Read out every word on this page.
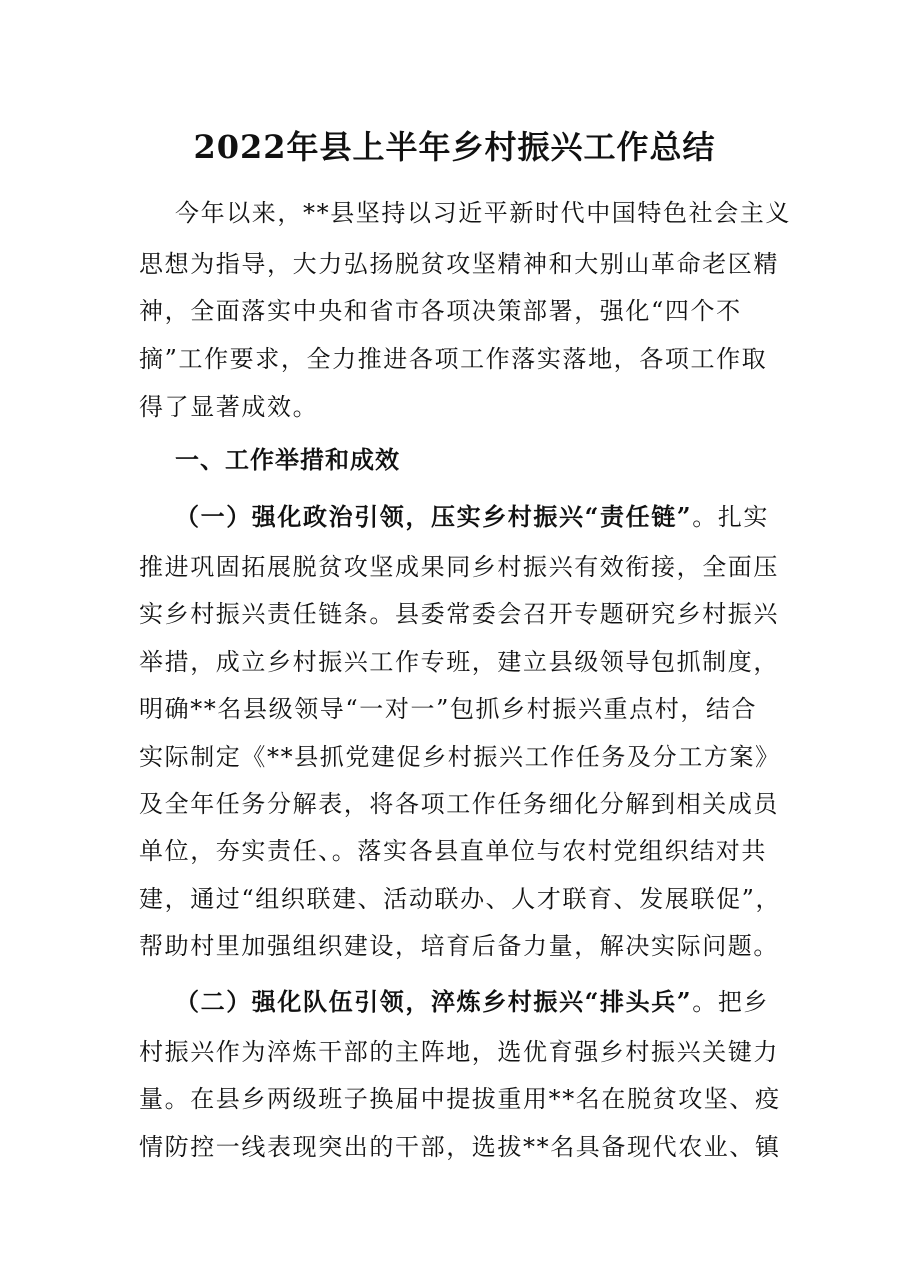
2022年县上半年乡村振兴工作总结
今年以来，**县坚持以习近平新时代中国特色社会主义
思想为指导，大力弘扬脱贫攻坚精神和大别山革命老区精
神，全面落实中央和省市各项决策部署，强化“四个不
摘”工作要求，全力推进各项工作落实落地，各项工作取
得了显著成效。
一、工作举措和成效
（一）强化政治引领，压实乡村振兴“责任链”。扎实
推进巩固拓展脱贫攻坚成果同乡村振兴有效衔接，全面压
实乡村振兴责任链条。县委常委会召开专题研究乡村振兴
举措，成立乡村振兴工作专班，建立县级领导包抓制度，
明确**名县级领导“一对一”包抓乡村振兴重点村，结合
实际制定《**县抓党建促乡村振兴工作任务及分工方案》
及全年任务分解表，将各项工作任务细化分解到相关成员
单位，夯实责任、。落实各县直单位与农村党组织结对共
建，通过“组织联建、活动联办、人才联育、发展联促”，
帮助村里加强组织建设，培育后备力量，解决实际问题。
（二）强化队伍引领，淬炼乡村振兴“排头兵”。把乡
村振兴作为淬炼干部的主阵地，选优育强乡村振兴关键力
量。在县乡两级班子换届中提拔重用**名在脱贫攻坚、疫
情防控一线表现突出的干部，选拔**名具备现代农业、镇
